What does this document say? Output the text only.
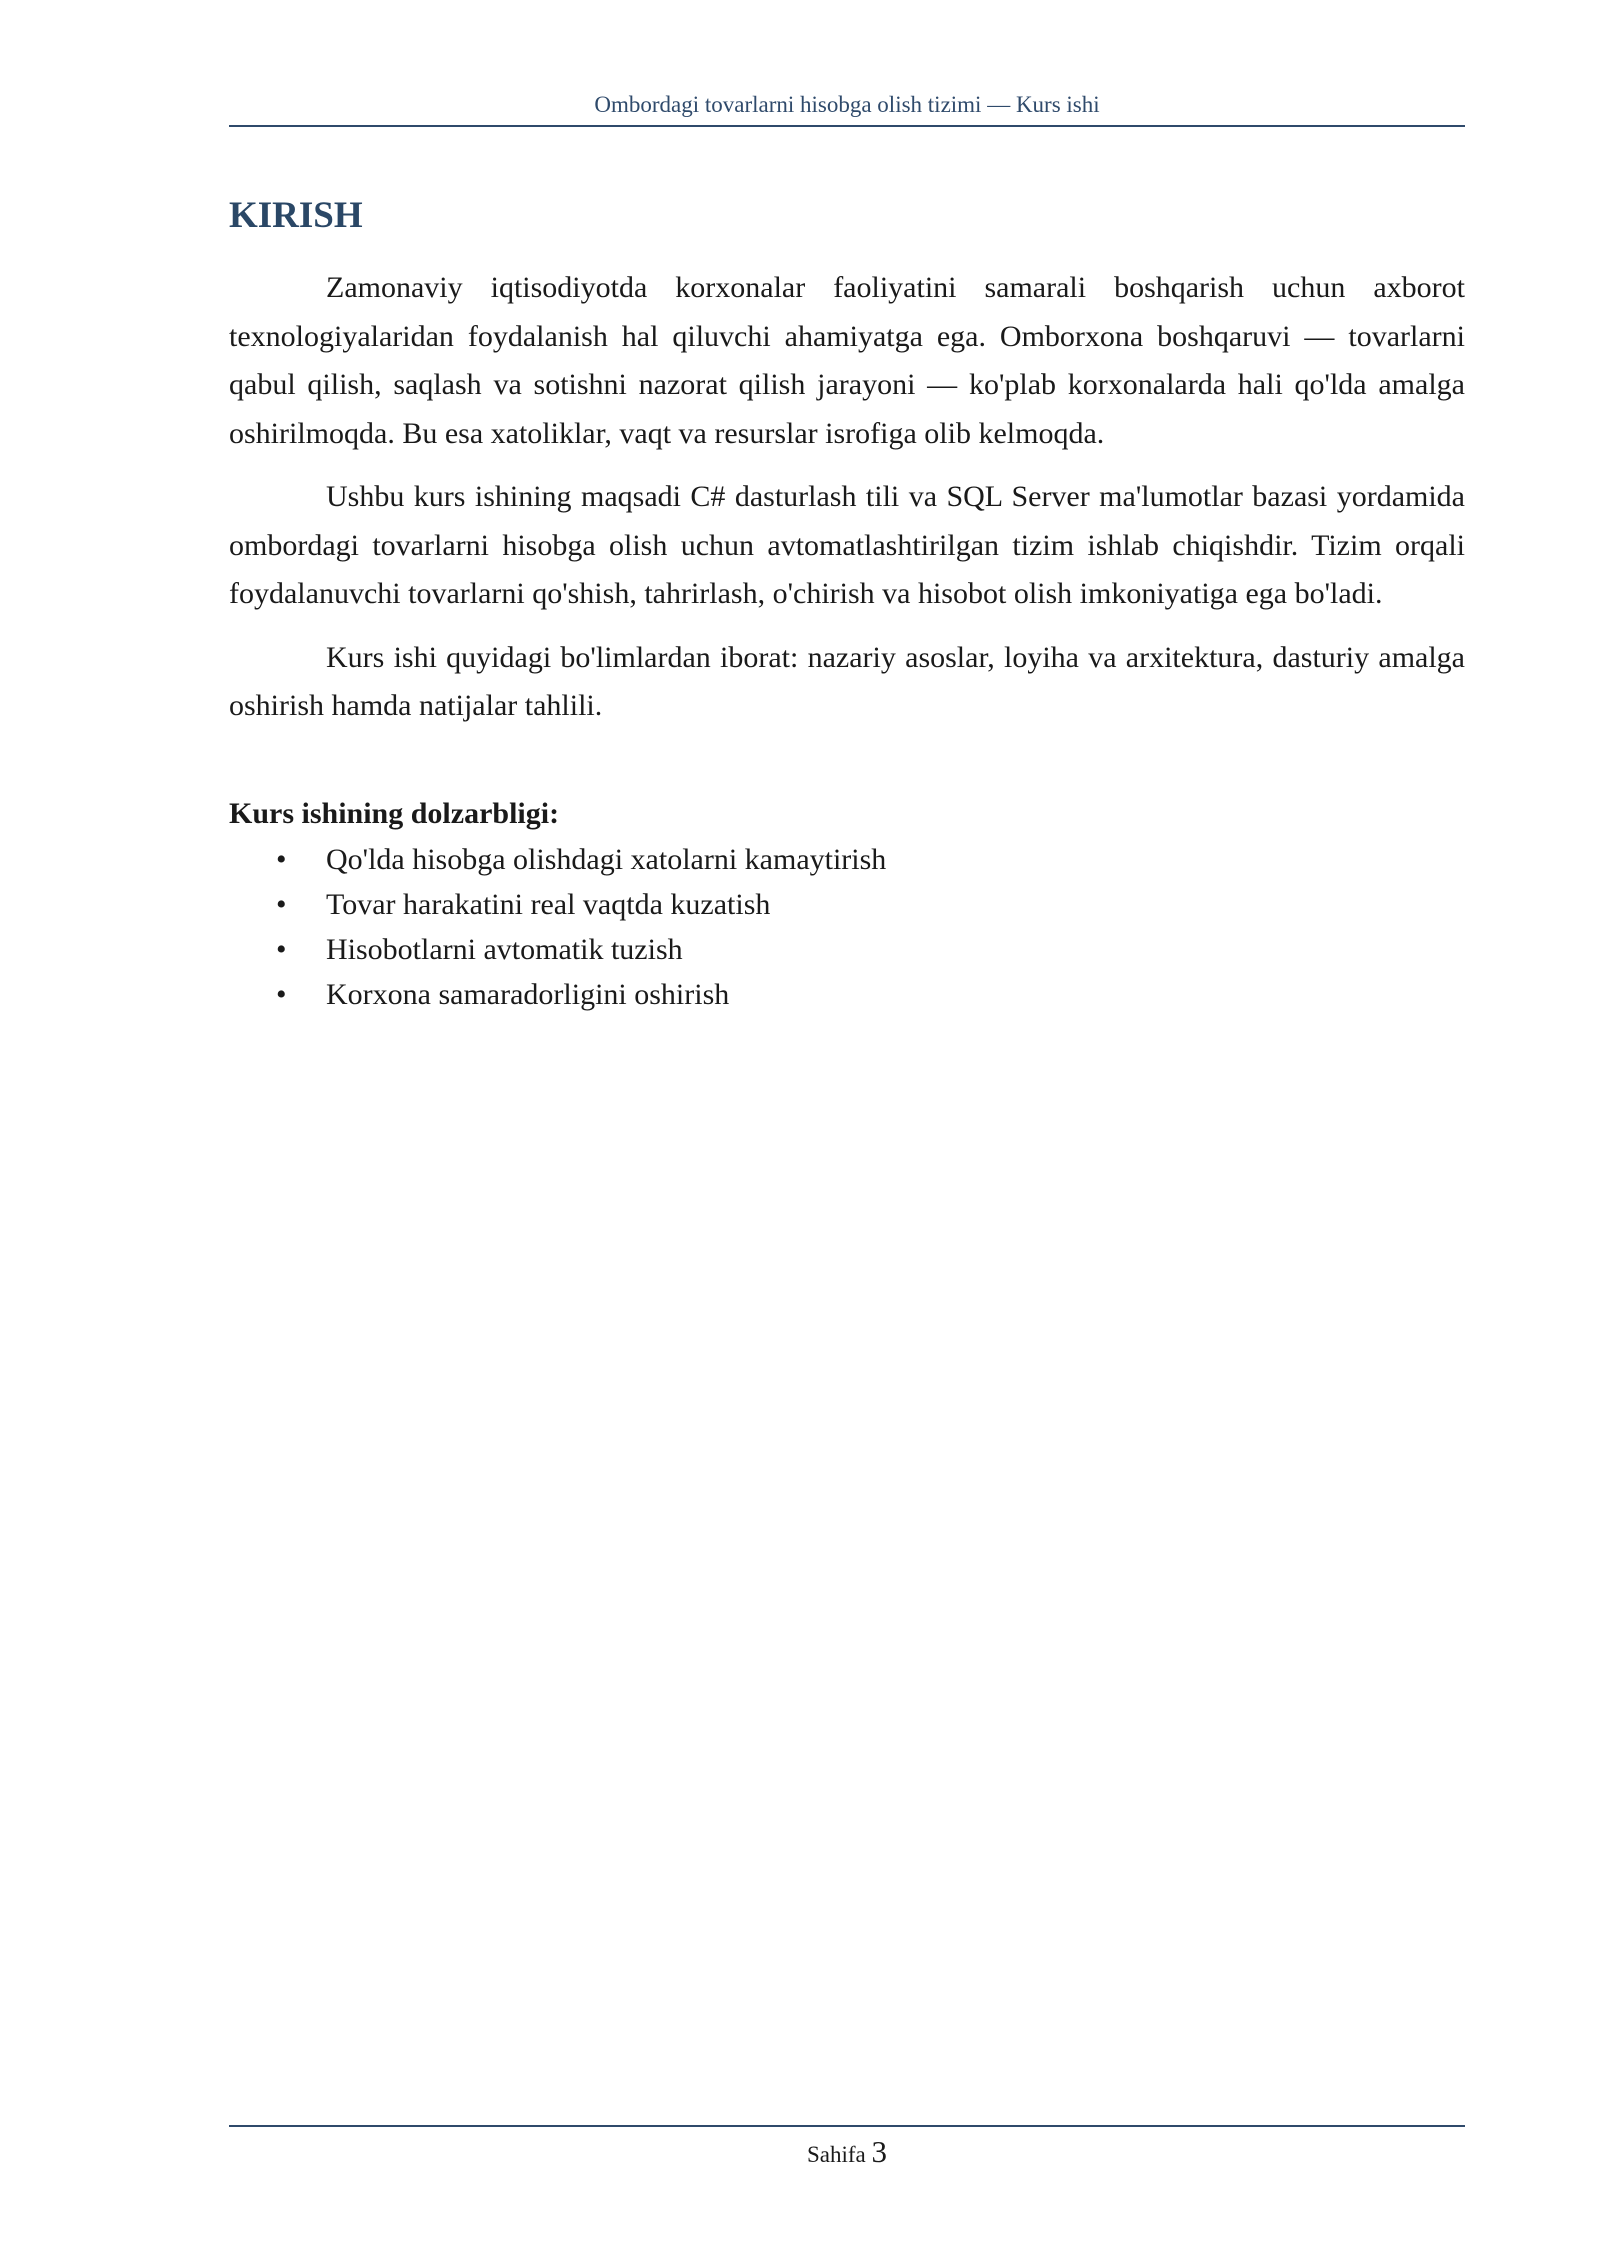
Ombordagi tovarlarni hisobga olish tizimi — Kurs ishi
KIRISH

Zamonaviy iqtisodiyotda korxonalar faoliyatini samarali boshqarish uchun axborot texnologiyalaridan foydalanish hal qiluvchi ahamiyatga ega. Omborxona boshqaruvi — tovarlarni qabul qilish, saqlash va sotishni nazorat qilish jarayoni — ko'plab korxonalarda hali qo'lda amalga oshirilmoqda. Bu esa xatoliklar, vaqt va resurslar isrofiga olib kelmoqda.

Ushbu kurs ishining maqsadi C# dasturlash tili va SQL Server ma'lumotlar bazasi yordamida ombordagi tovarlarni hisobga olish uchun avtomatlashtirilgan tizim ishlab chiqishdir. Tizim orqali foydalanuvchi tovarlarni qo'shish, tahrirlash, o'chirish va hisobot olish imkoniyatiga ega bo'ladi.

Kurs ishi quyidagi bo'limlardan iborat: nazariy asoslar, loyiha va arxitektura, dasturiy amalga oshirish hamda natijalar tahlili.

Kurs ishining dolzarbligi:
• Qo'lda hisobga olishdagi xatolarni kamaytirish
• Tovar harakatini real vaqtda kuzatish
• Hisobotlarni avtomatik tuzish
• Korxona samaradorligini oshirish
Sahifa 3
